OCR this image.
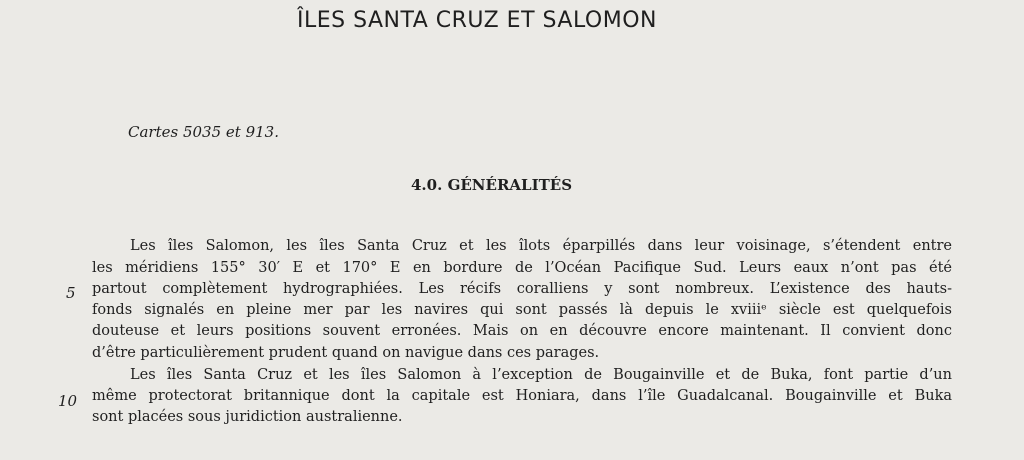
ÎLES SANTA CRUZ ET SALOMON
Cartes 5035 et 913.
4.0. GÉNÉRALITÉS
Les îles Salomon, les îles Santa Cruz et les îlots éparpillés dans leur voisinage, s’étendent entre
les méridiens 155° 30′ E et 170° E en bordure de l’Océan Pacifique Sud. Leurs eaux n’ont pas été
partout complètement hydrographiées. Les récifs coralliens y sont nombreux. L’existence des hauts-
fonds signalés en pleine mer par les navires qui sont passés là depuis le xviiiᵉ siècle est quelquefois
douteuse et leurs positions souvent erronées. Mais on en découvre encore maintenant. Il convient donc
d’être particulièrement prudent quand on navigue dans ces parages.
Les îles Santa Cruz et les îles Salomon à l’exception de Bougainville et de Buka, font partie d’un
même protectorat britannique dont la capitale est Honiara, dans l’île Guadalcanal. Bougainville et Buka
sont placées sous juridiction australienne.
5
10
